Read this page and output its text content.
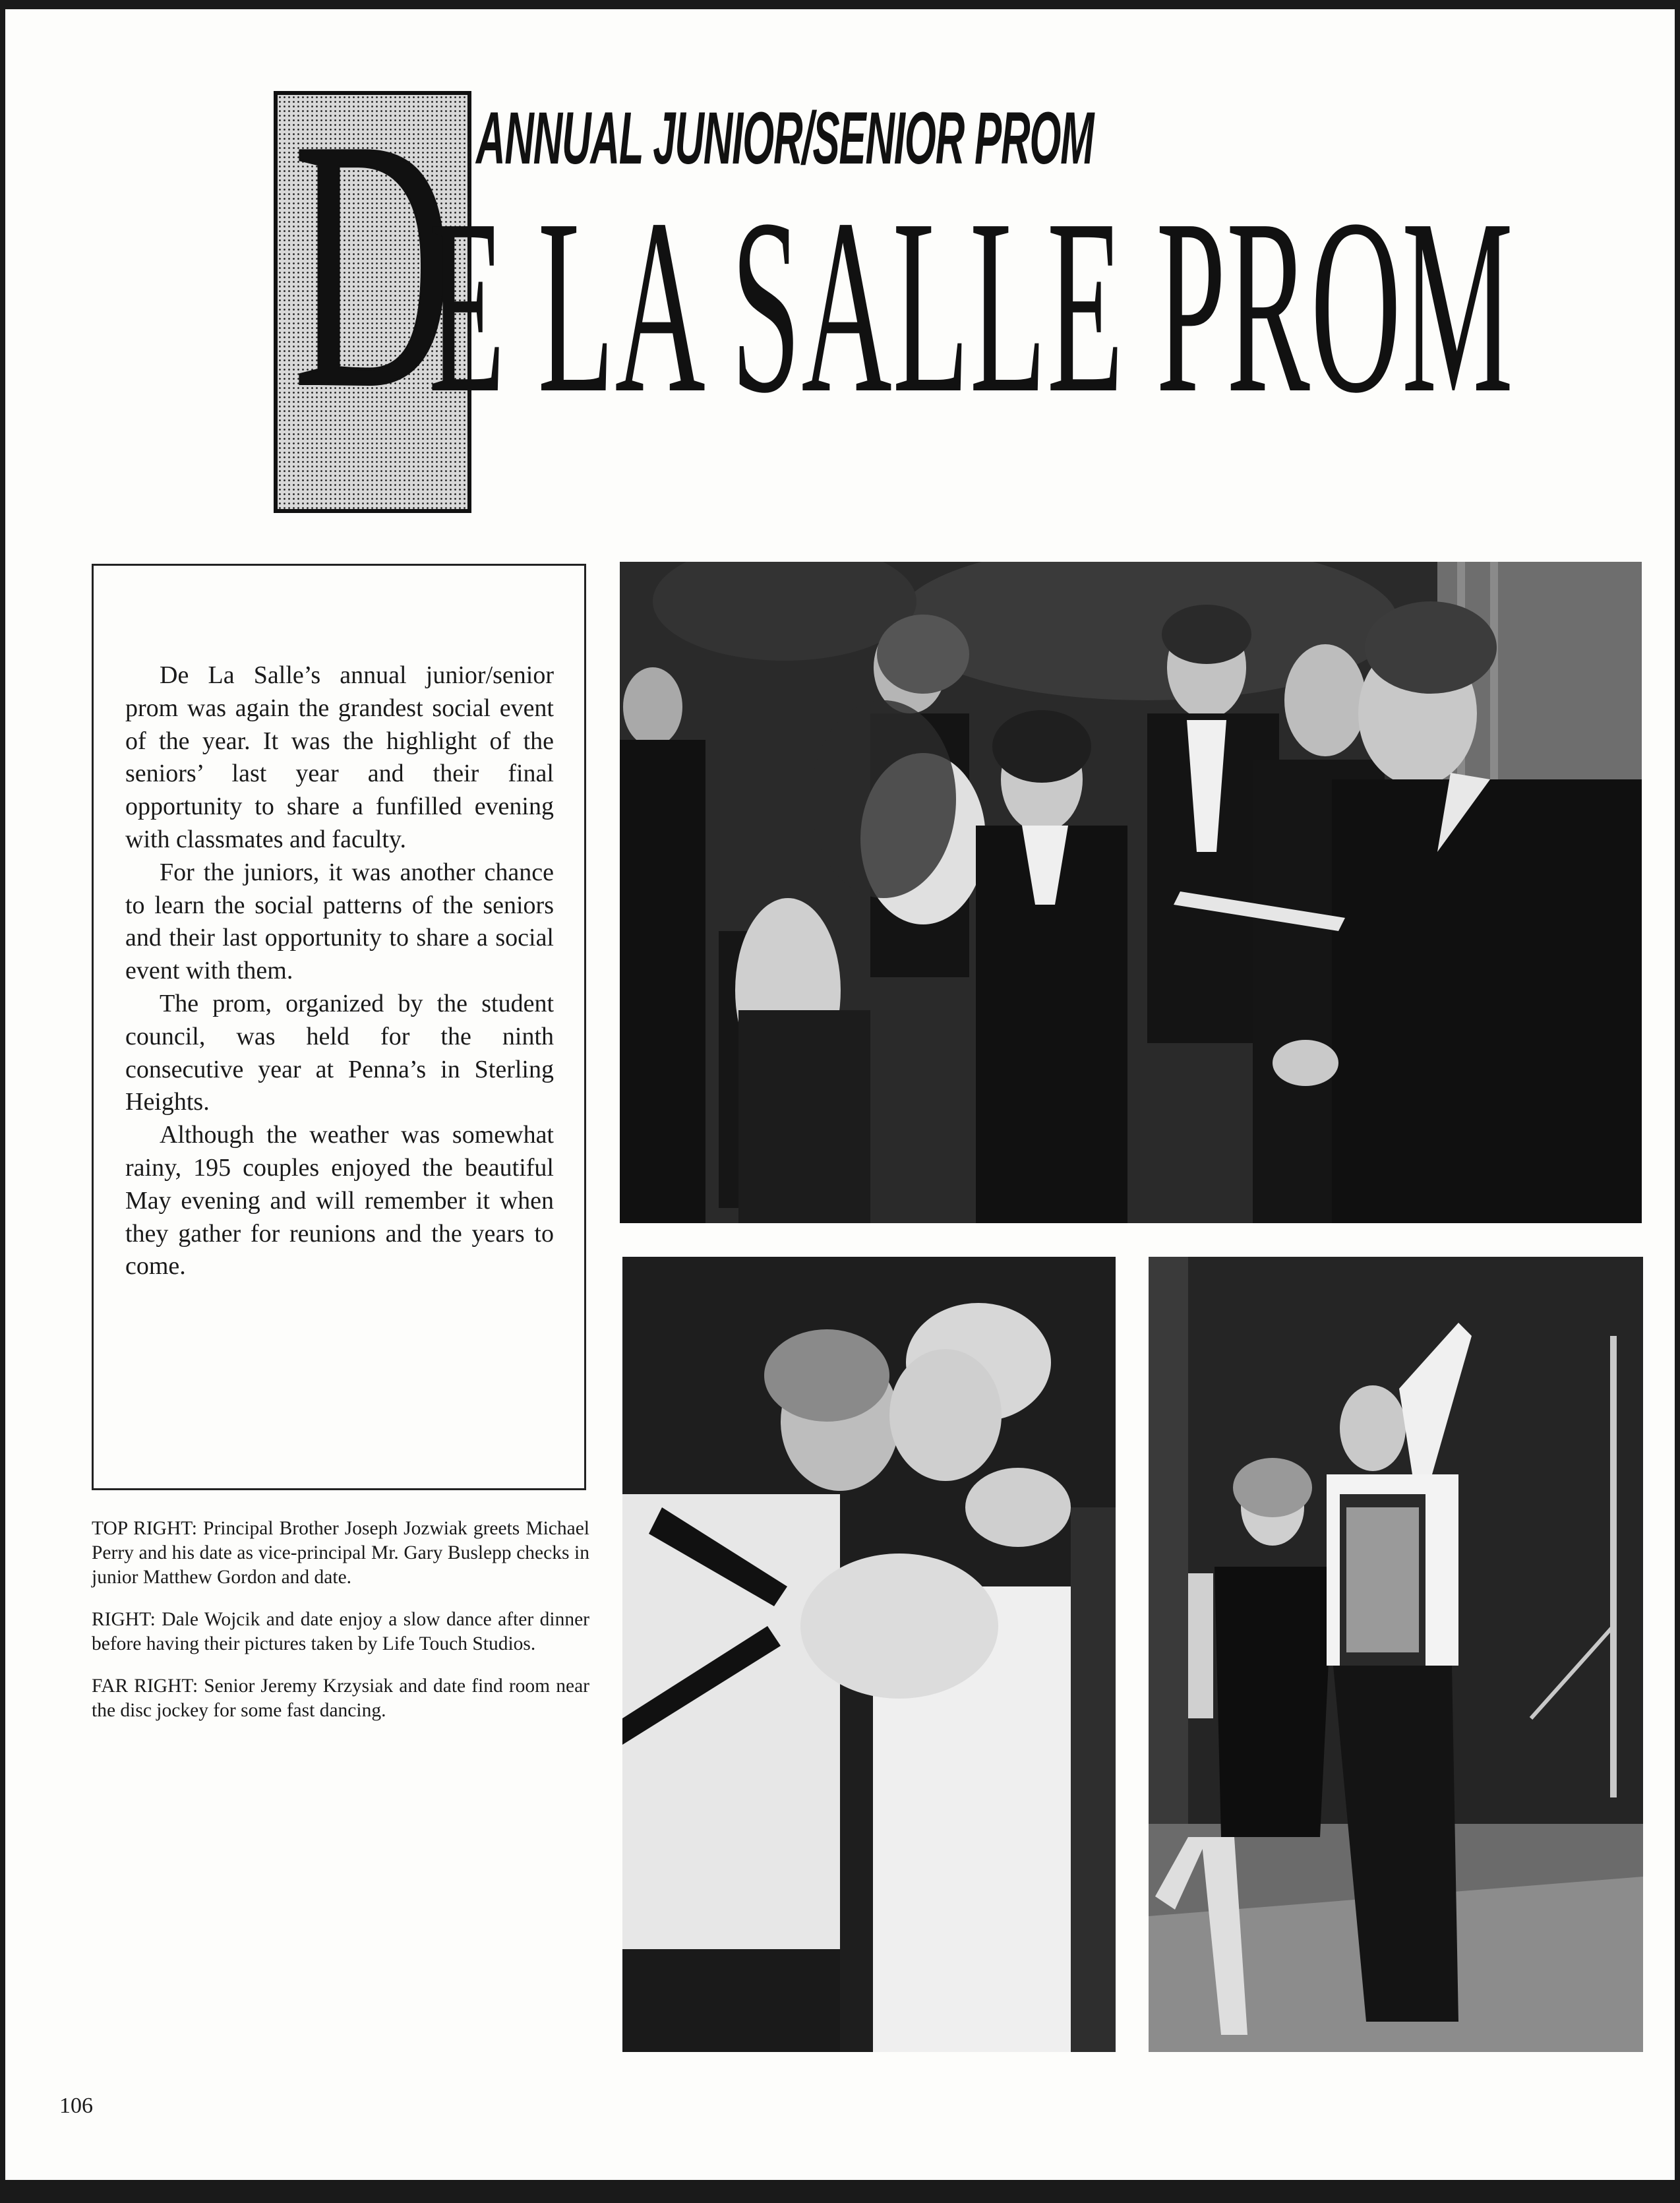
D ANNUAL JUNIOR/SENIOR PROM
E LA SALLE PROM

De La Salle’s annual junior/senior prom was again the grandest social event of the year. It was the highlight of the seniors’ last year and their final opportunity to share a funfilled evening with classmates and faculty.

For the juniors, it was another chance to learn the social patterns of the seniors and their last opportunity to share a social event with them.

The prom, organized by the student council, was held for the ninth consecutive year at Penna’s in Sterling Heights.

Although the weather was somewhat rainy, 195 couples enjoyed the beautiful May evening and will remember it when they gather for reunions and the years to come.

TOP RIGHT: Principal Brother Joseph Jozwiak greets Michael Perry and his date as vice-principal Mr. Gary Buslepp checks in junior Matthew Gordon and date.

RIGHT: Dale Wojcik and date enjoy a slow dance after dinner before having their pictures taken by Life Touch Studios.

FAR RIGHT: Senior Jeremy Krzysiak and date find room near the disc jockey for some fast dancing.

106
